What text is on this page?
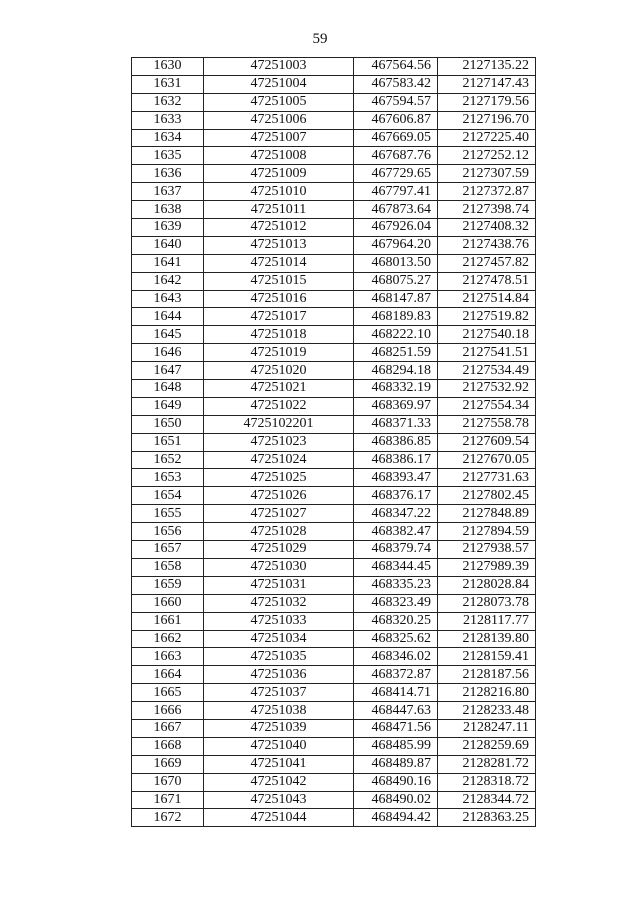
59
1630	47251003	467564.56	2127135.22
1631	47251004	467583.42	2127147.43
1632	47251005	467594.57	2127179.56
1633	47251006	467606.87	2127196.70
1634	47251007	467669.05	2127225.40
1635	47251008	467687.76	2127252.12
1636	47251009	467729.65	2127307.59
1637	47251010	467797.41	2127372.87
1638	47251011	467873.64	2127398.74
1639	47251012	467926.04	2127408.32
1640	47251013	467964.20	2127438.76
1641	47251014	468013.50	2127457.82
1642	47251015	468075.27	2127478.51
1643	47251016	468147.87	2127514.84
1644	47251017	468189.83	2127519.82
1645	47251018	468222.10	2127540.18
1646	47251019	468251.59	2127541.51
1647	47251020	468294.18	2127534.49
1648	47251021	468332.19	2127532.92
1649	47251022	468369.97	2127554.34
1650	4725102201	468371.33	2127558.78
1651	47251023	468386.85	2127609.54
1652	47251024	468386.17	2127670.05
1653	47251025	468393.47	2127731.63
1654	47251026	468376.17	2127802.45
1655	47251027	468347.22	2127848.89
1656	47251028	468382.47	2127894.59
1657	47251029	468379.74	2127938.57
1658	47251030	468344.45	2127989.39
1659	47251031	468335.23	2128028.84
1660	47251032	468323.49	2128073.78
1661	47251033	468320.25	2128117.77
1662	47251034	468325.62	2128139.80
1663	47251035	468346.02	2128159.41
1664	47251036	468372.87	2128187.56
1665	47251037	468414.71	2128216.80
1666	47251038	468447.63	2128233.48
1667	47251039	468471.56	2128247.11
1668	47251040	468485.99	2128259.69
1669	47251041	468489.87	2128281.72
1670	47251042	468490.16	2128318.72
1671	47251043	468490.02	2128344.72
1672	47251044	468494.42	2128363.25
